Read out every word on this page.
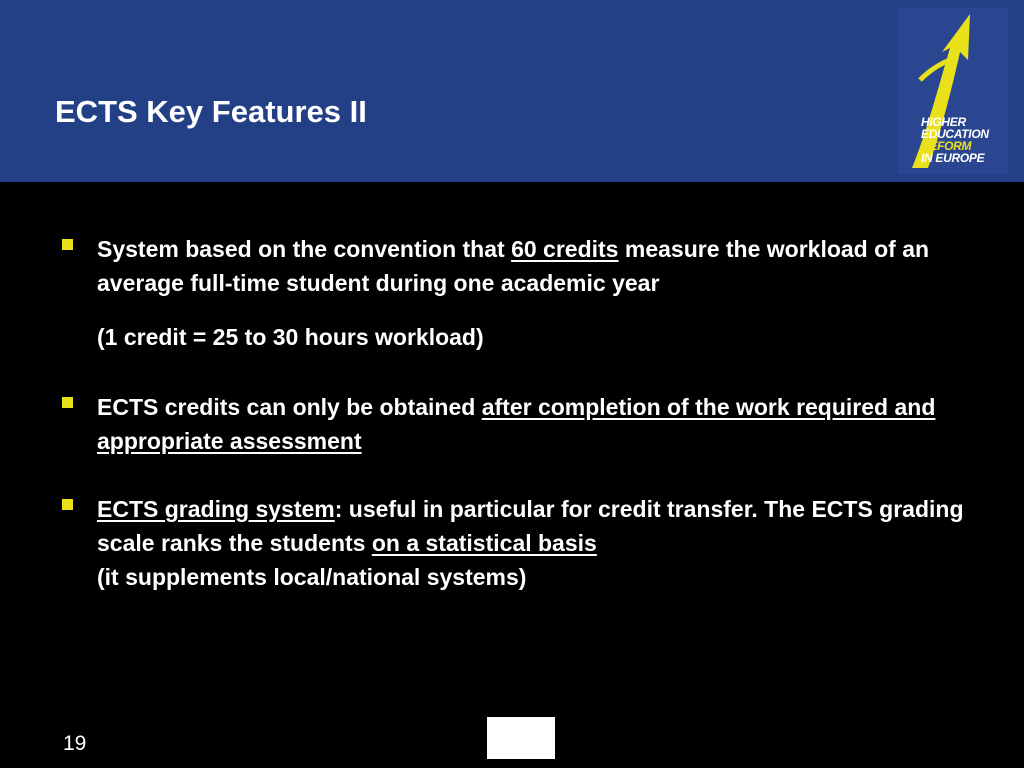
ECTS Key Features II	HIGHER
EDUCATION
REFORM
IN EUROPE

System based on the convention that 60 credits measure the workload of an average full-time student during one academic year

(1 credit = 25 to 30 hours workload)

ECTS credits can only be obtained after completion of the work required and appropriate assessment

ECTS grading system: useful in particular for credit transfer. The ECTS grading scale ranks the students on a statistical basis
(it supplements local/national systems)

19
